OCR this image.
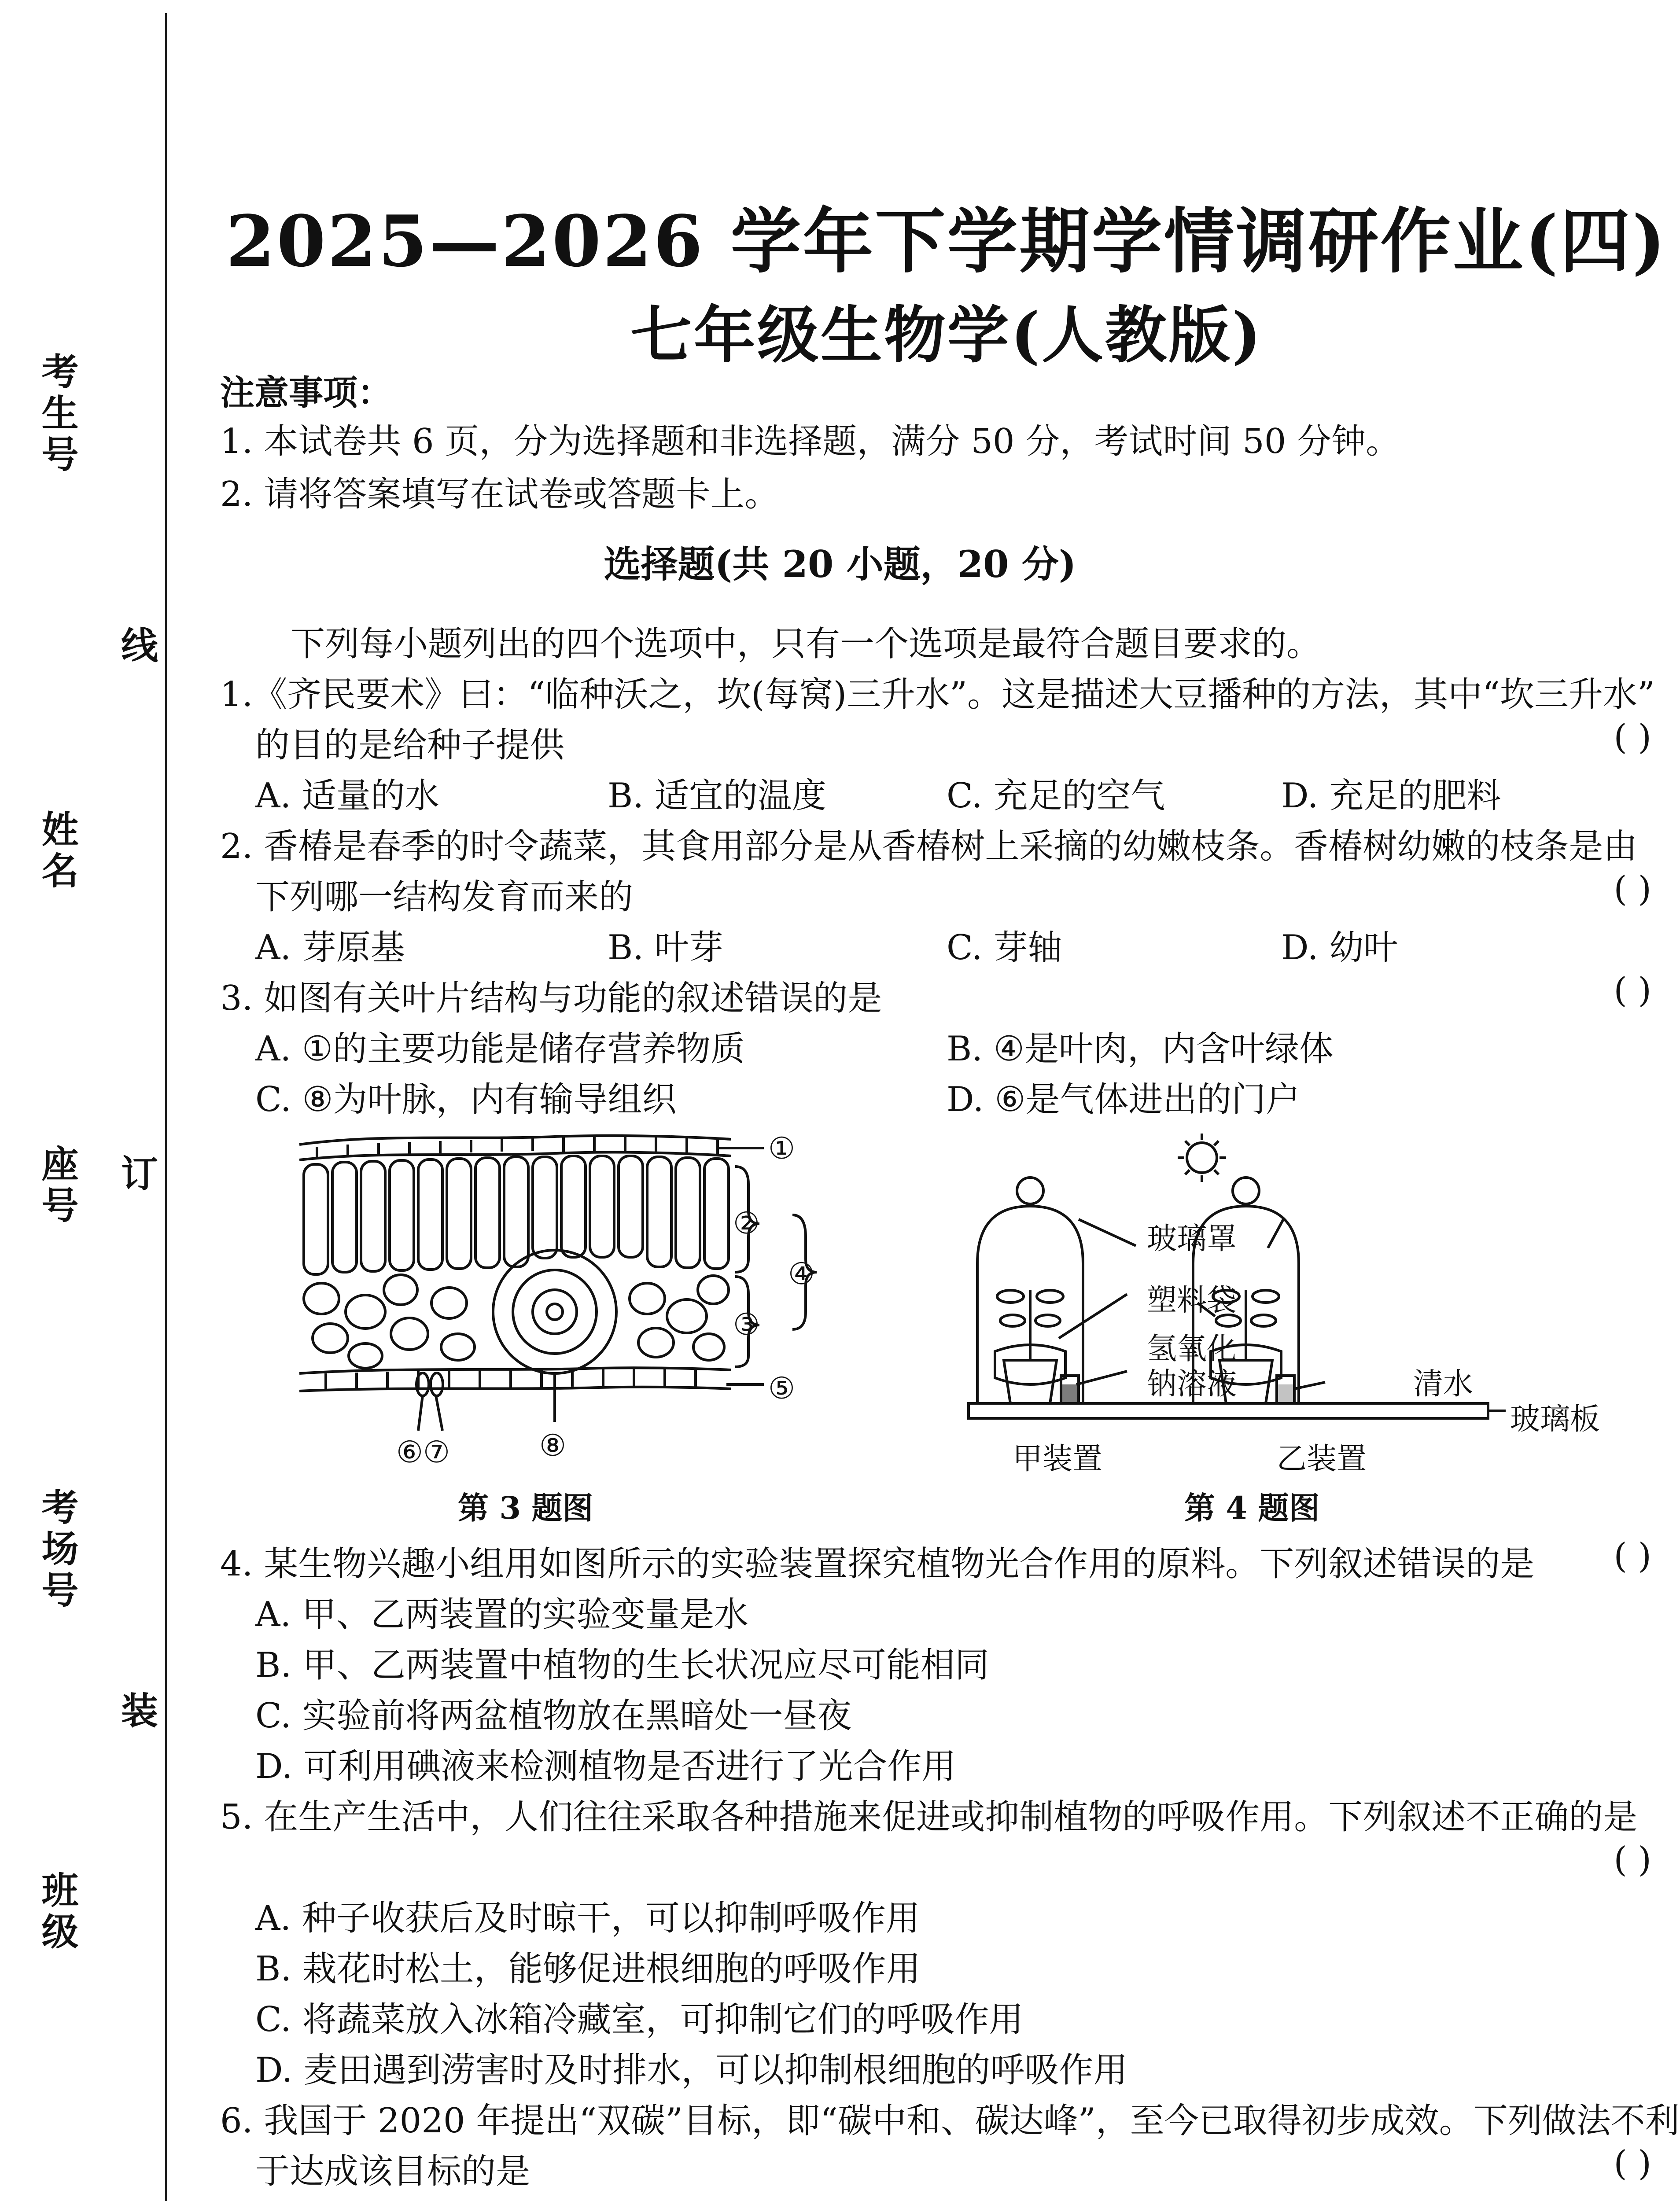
考生号
姓名
座号
考场号
班级
线
订
装
2025—2026 学年下学期学情调研作业(四)
七年级生物学(人教版)
注意事项：
1. 本试卷共 6 页，分为选择题和非选择题，满分 50 分，考试时间 50 分钟。
2. 请将答案填写在试卷或答题卡上。
选择题(共 20 小题，20 分)
下列每小题列出的四个选项中，只有一个选项是最符合题目要求的。
1.《齐民要术》曰：“临种沃之，坎(每窝)三升水”。这是描述大豆播种的方法，其中“坎三升水”
的目的是给种子提供	( )
A. 适量的水	B. 适宜的温度	C. 充足的空气	D. 充足的肥料
2. 香椿是春季的时令蔬菜，其食用部分是从香椿树上采摘的幼嫩枝条。香椿树幼嫩的枝条是由
下列哪一结构发育而来的	( )
A. 芽原基	B. 叶芽	C. 芽轴	D. 幼叶
3. 如图有关叶片结构与功能的叙述错误的是	( )
A. ①的主要功能是储存营养物质	B. ④是叶肉，内含叶绿体
C. ⑧为叶脉，内有输导组织	D. ⑥是气体进出的门户
①
②
③
④
⑤
⑥⑦	⑧
第 3 题图
玻璃罩
塑料袋
氢氧化
钠溶液	清水
玻璃板
甲装置	乙装置
第 4 题图
4. 某生物兴趣小组用如图所示的实验装置探究植物光合作用的原料。下列叙述错误的是 ( )
A. 甲、乙两装置的实验变量是水
B. 甲、乙两装置中植物的生长状况应尽可能相同
C. 实验前将两盆植物放在黑暗处一昼夜
D. 可利用碘液来检测植物是否进行了光合作用
5. 在生产生活中，人们往往采取各种措施来促进或抑制植物的呼吸作用。下列叙述不正确的是
( )
A. 种子收获后及时晾干，可以抑制呼吸作用
B. 栽花时松土，能够促进根细胞的呼吸作用
C. 将蔬菜放入冰箱冷藏室，可抑制它们的呼吸作用
D. 麦田遇到涝害时及时排水，可以抑制根细胞的呼吸作用
6. 我国于 2020 年提出“双碳”目标，即“碳中和、碳达峰”，至今已取得初步成效。下列做法不利
于达成该目标的是	( )
